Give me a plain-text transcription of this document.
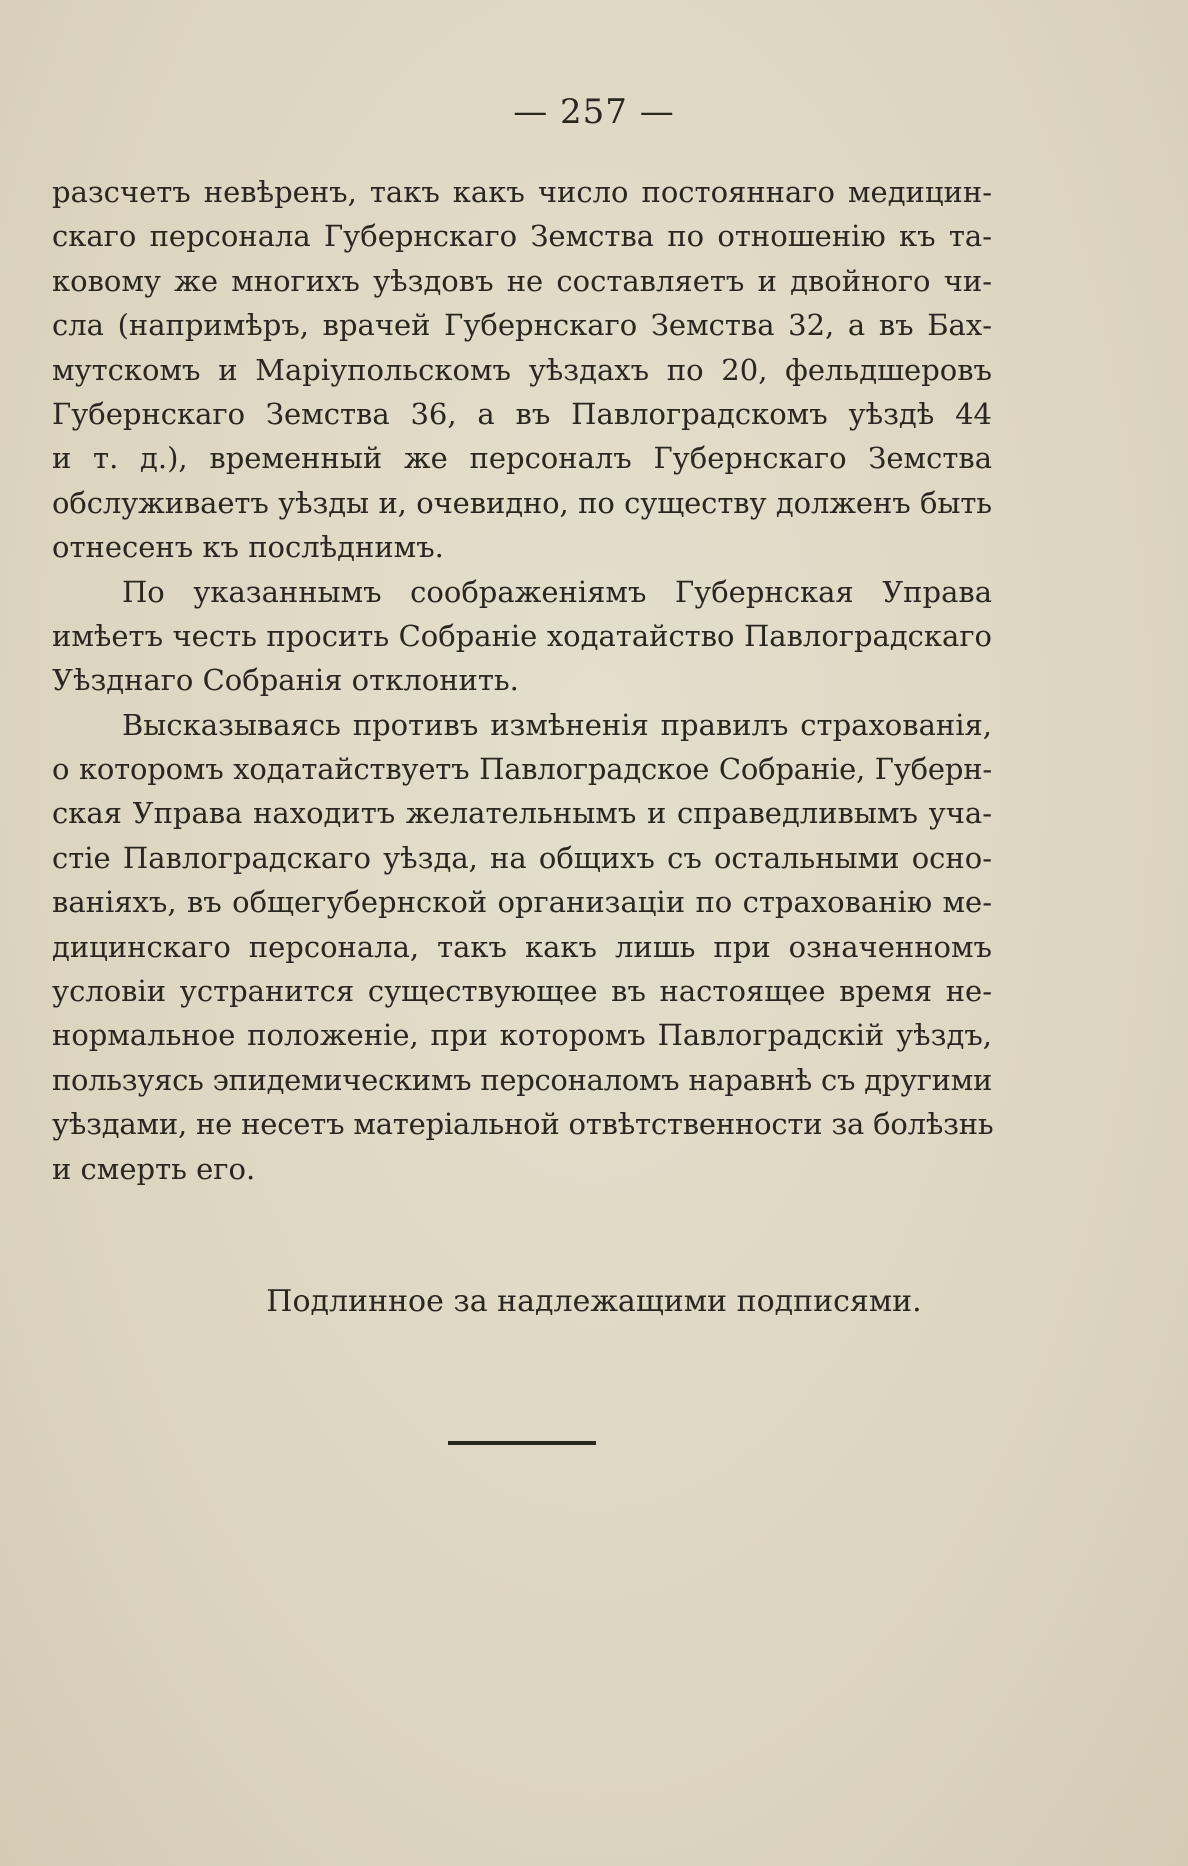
— 257 —
разсчетъ невѣренъ, такъ какъ число постояннаго медицин-
скаго персонала Губернскаго Земства по отношенію къ та-
ковому же многихъ уѣздовъ не составляетъ и двойного чи-
сла (напримѣръ, врачей Губернскаго Земства 32, а въ Бах-
мутскомъ и Маріупольскомъ уѣздахъ по 20, фельдшеровъ
Губернскаго Земства 36, а въ Павлоградскомъ уѣздѣ 44
и т. д.), временный же персоналъ Губернскаго Земства
обслуживаетъ уѣзды и, очевидно, по существу долженъ быть
отнесенъ къ послѣднимъ.
По указаннымъ соображеніямъ Губернская Управа
имѣетъ честь просить Собраніе ходатайство Павлоградскаго
Уѣзднаго Собранія отклонить.
Высказываясь противъ измѣненія правилъ страхованія,
о которомъ ходатайствуетъ Павлоградское Собраніе, Губерн-
ская Управа находитъ желательнымъ и справедливымъ уча-
стіе Павлоградскаго уѣзда, на общихъ съ остальными осно-
ваніяхъ, въ общегубернской организаціи по страхованію ме-
дицинскаго персонала, такъ какъ лишь при означенномъ
условіи устранится существующее въ настоящее время не-
нормальное положеніе, при которомъ Павлоградскій уѣздъ,
пользуясь эпидемическимъ персоналомъ наравнѣ съ другими
уѣздами, не несетъ матеріальной отвѣтственности за болѣзнь
и смерть его.
Подлинное за надлежащими подписями.
